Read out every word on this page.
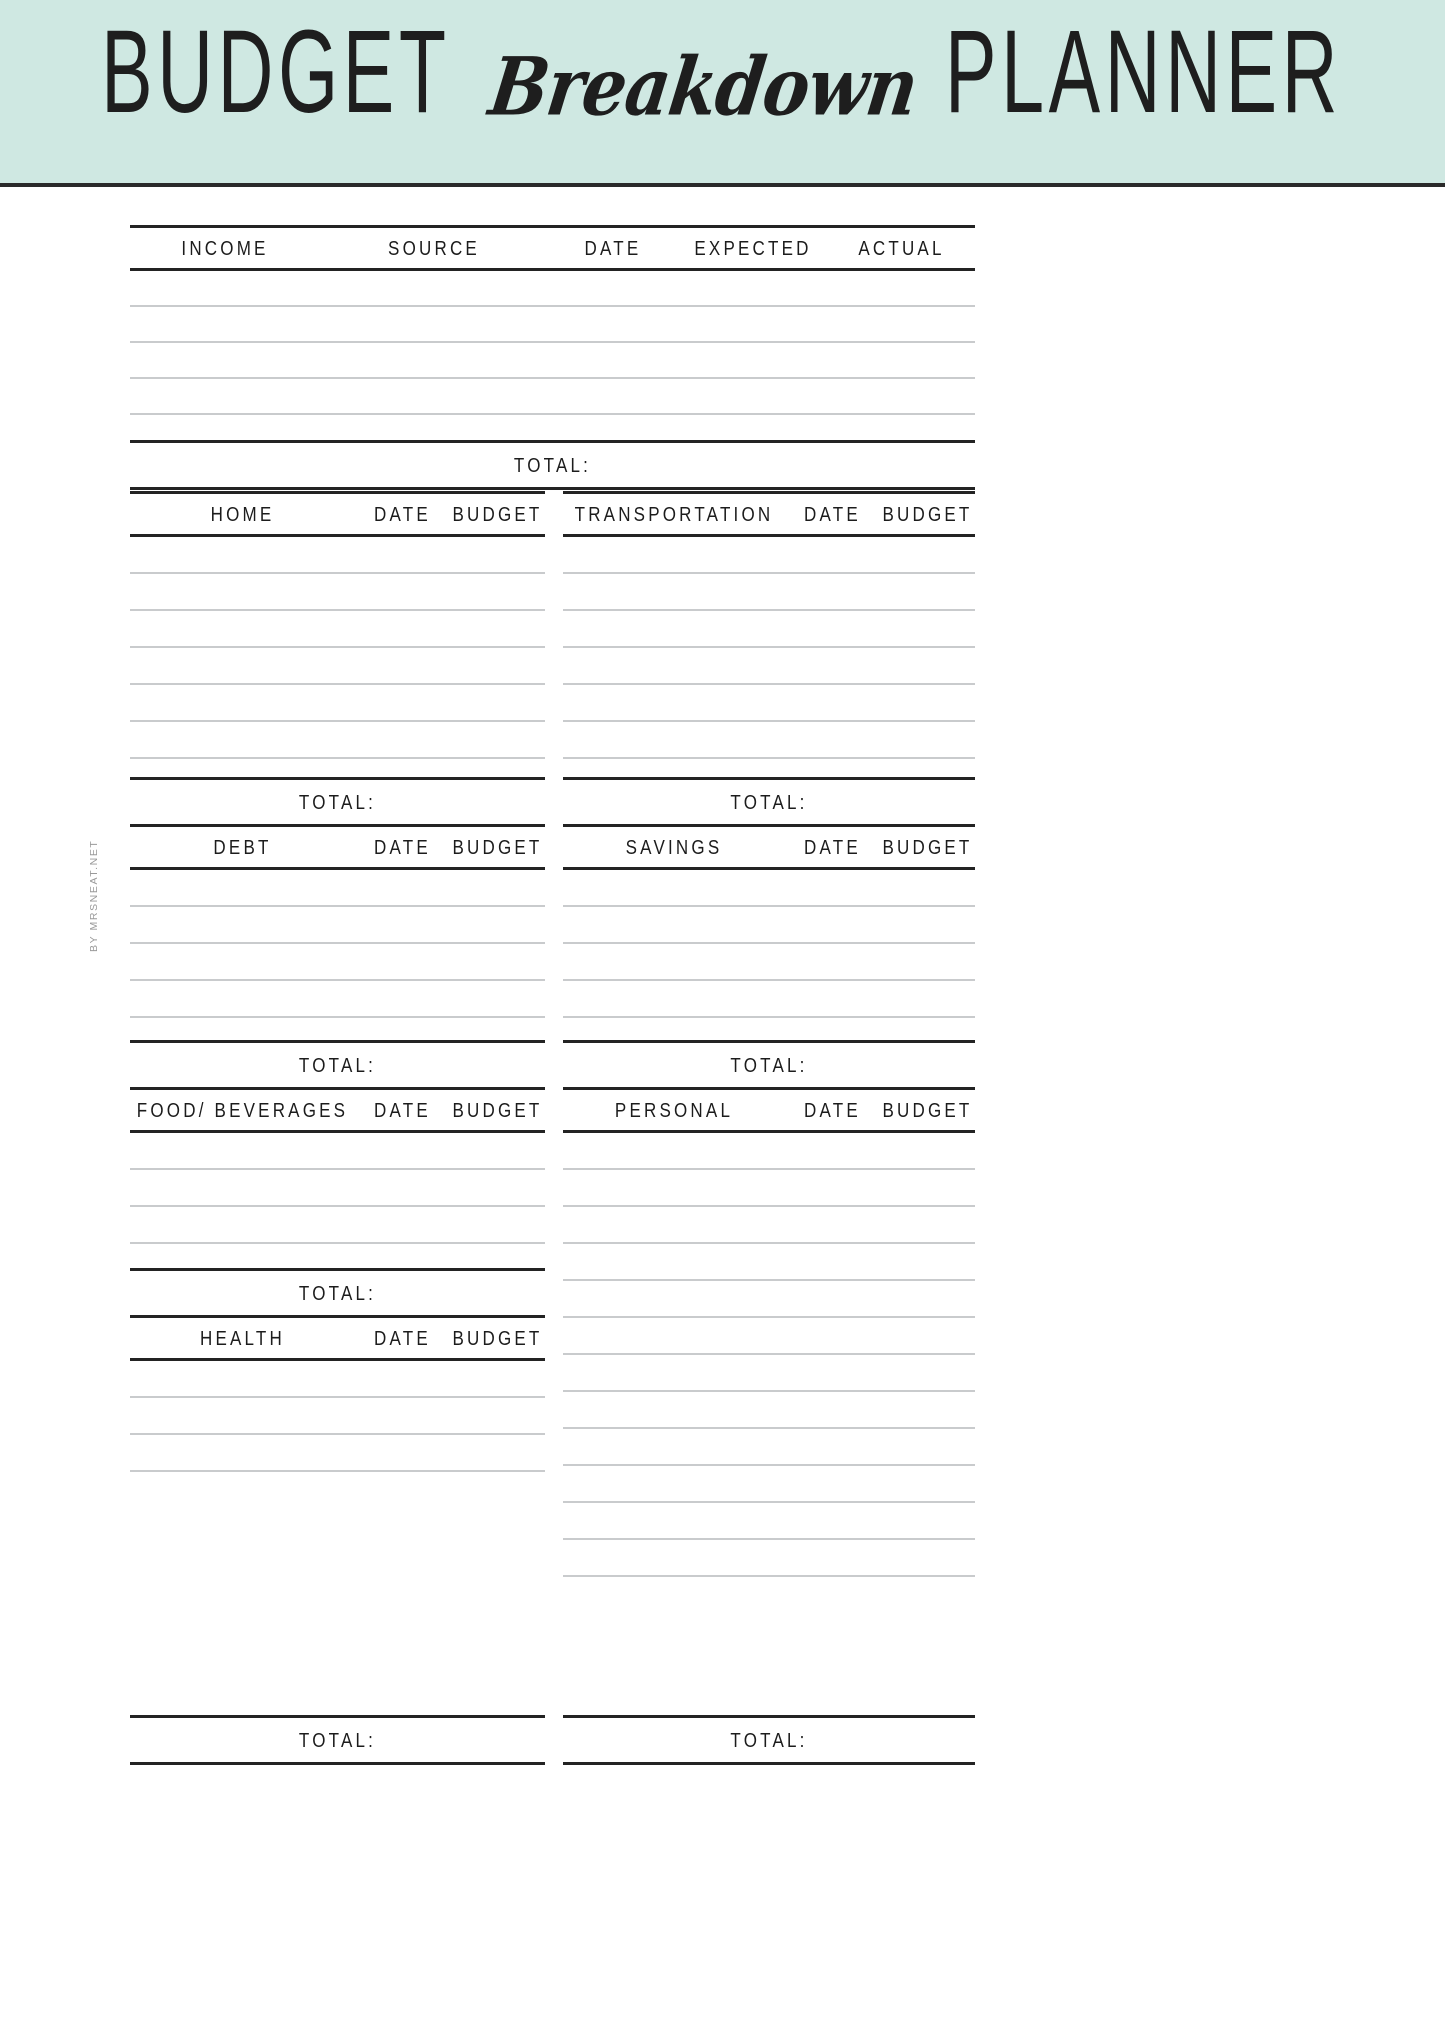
BUDGET Breakdown PLANNER
BY MRSNEAT.NET
INCOME	SOURCE	DATE	EXPECTED	ACTUAL

TOTAL:
HOME	DATE	BUDGET

TOTAL:
TRANSPORTATION	DATE	BUDGET

TOTAL:
DEBT	DATE	BUDGET

TOTAL:
SAVINGS	DATE	BUDGET

TOTAL:
FOOD/ BEVERAGES	DATE	BUDGET

TOTAL:
PERSONAL	DATE	BUDGET

TOTAL:
HEALTH	DATE	BUDGET

TOTAL:
